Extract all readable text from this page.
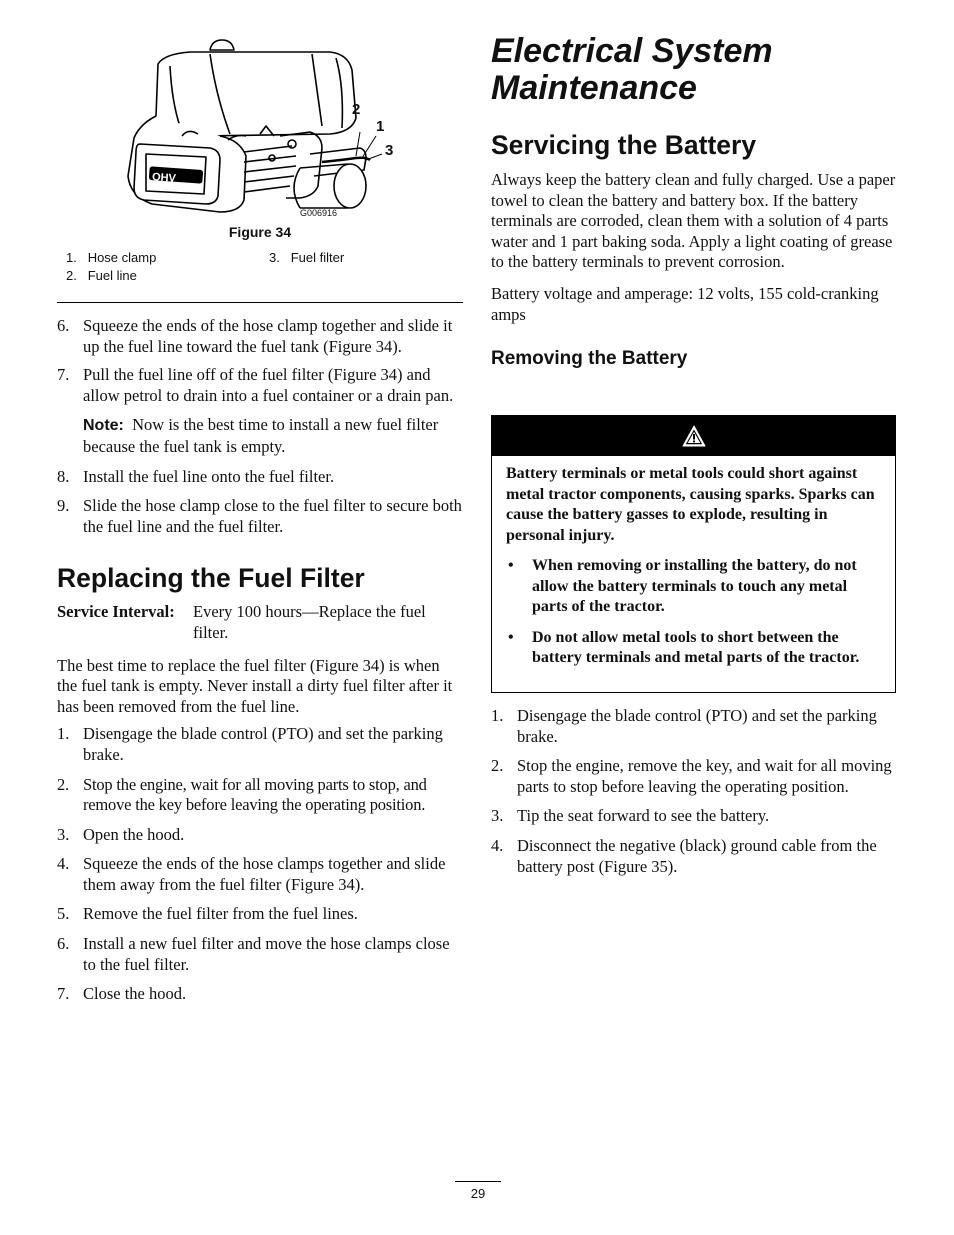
2
1
3
OHV
G006916
Figure 34
1. Hose clamp	3. Fuel filter
2. Fuel line
6. Squeeze the ends of the hose clamp together and slide it up the fuel line toward the fuel tank (Figure 34).
7. Pull the fuel line off of the fuel filter (Figure 34) and allow petrol to drain into a fuel container or a drain pan.

Note: Now is the best time to install a new fuel filter because the fuel tank is empty.

8. Install the fuel line onto the fuel filter.
9. Slide the hose clamp close to the fuel filter to secure both the fuel line and the fuel filter.
Replacing the Fuel Filter
Service Interval:	Every 100 hours—Replace the fuel filter.

The best time to replace the fuel filter (Figure 34) is when the fuel tank is empty. Never install a dirty fuel filter after it has been removed from the fuel line.

1. Disengage the blade control (PTO) and set the parking brake.
2. Stop the engine, wait for all moving parts to stop, and remove the key before leaving the operating position.
3. Open the hood.
4. Squeeze the ends of the hose clamps together and slide them away from the fuel filter (Figure 34).
5. Remove the fuel filter from the fuel lines.
6. Install a new fuel filter and move the hose clamps close to the fuel filter.
7. Close the hood.
Electrical System
Maintenance
Servicing the Battery

Always keep the battery clean and fully charged. Use a paper towel to clean the battery and battery box. If the battery terminals are corroded, clean them with a solution of 4 parts water and 1 part baking soda. Apply a light coating of grease to the battery terminals to prevent corrosion.

Battery voltage and amperage: 12 volts, 155 cold-cranking amps

Removing the Battery
Battery terminals or metal tools could short against metal tractor components, causing sparks. Sparks can cause the battery gasses to explode, resulting in personal injury.
• When removing or installing the battery, do not allow the battery terminals to touch any metal parts of the tractor.
• Do not allow metal tools to short between the battery terminals and metal parts of the tractor.
1. Disengage the blade control (PTO) and set the parking brake.
2. Stop the engine, remove the key, and wait for all moving parts to stop before leaving the operating position.
3. Tip the seat forward to see the battery.
4. Disconnect the negative (black) ground cable from the battery post (Figure 35).
29
